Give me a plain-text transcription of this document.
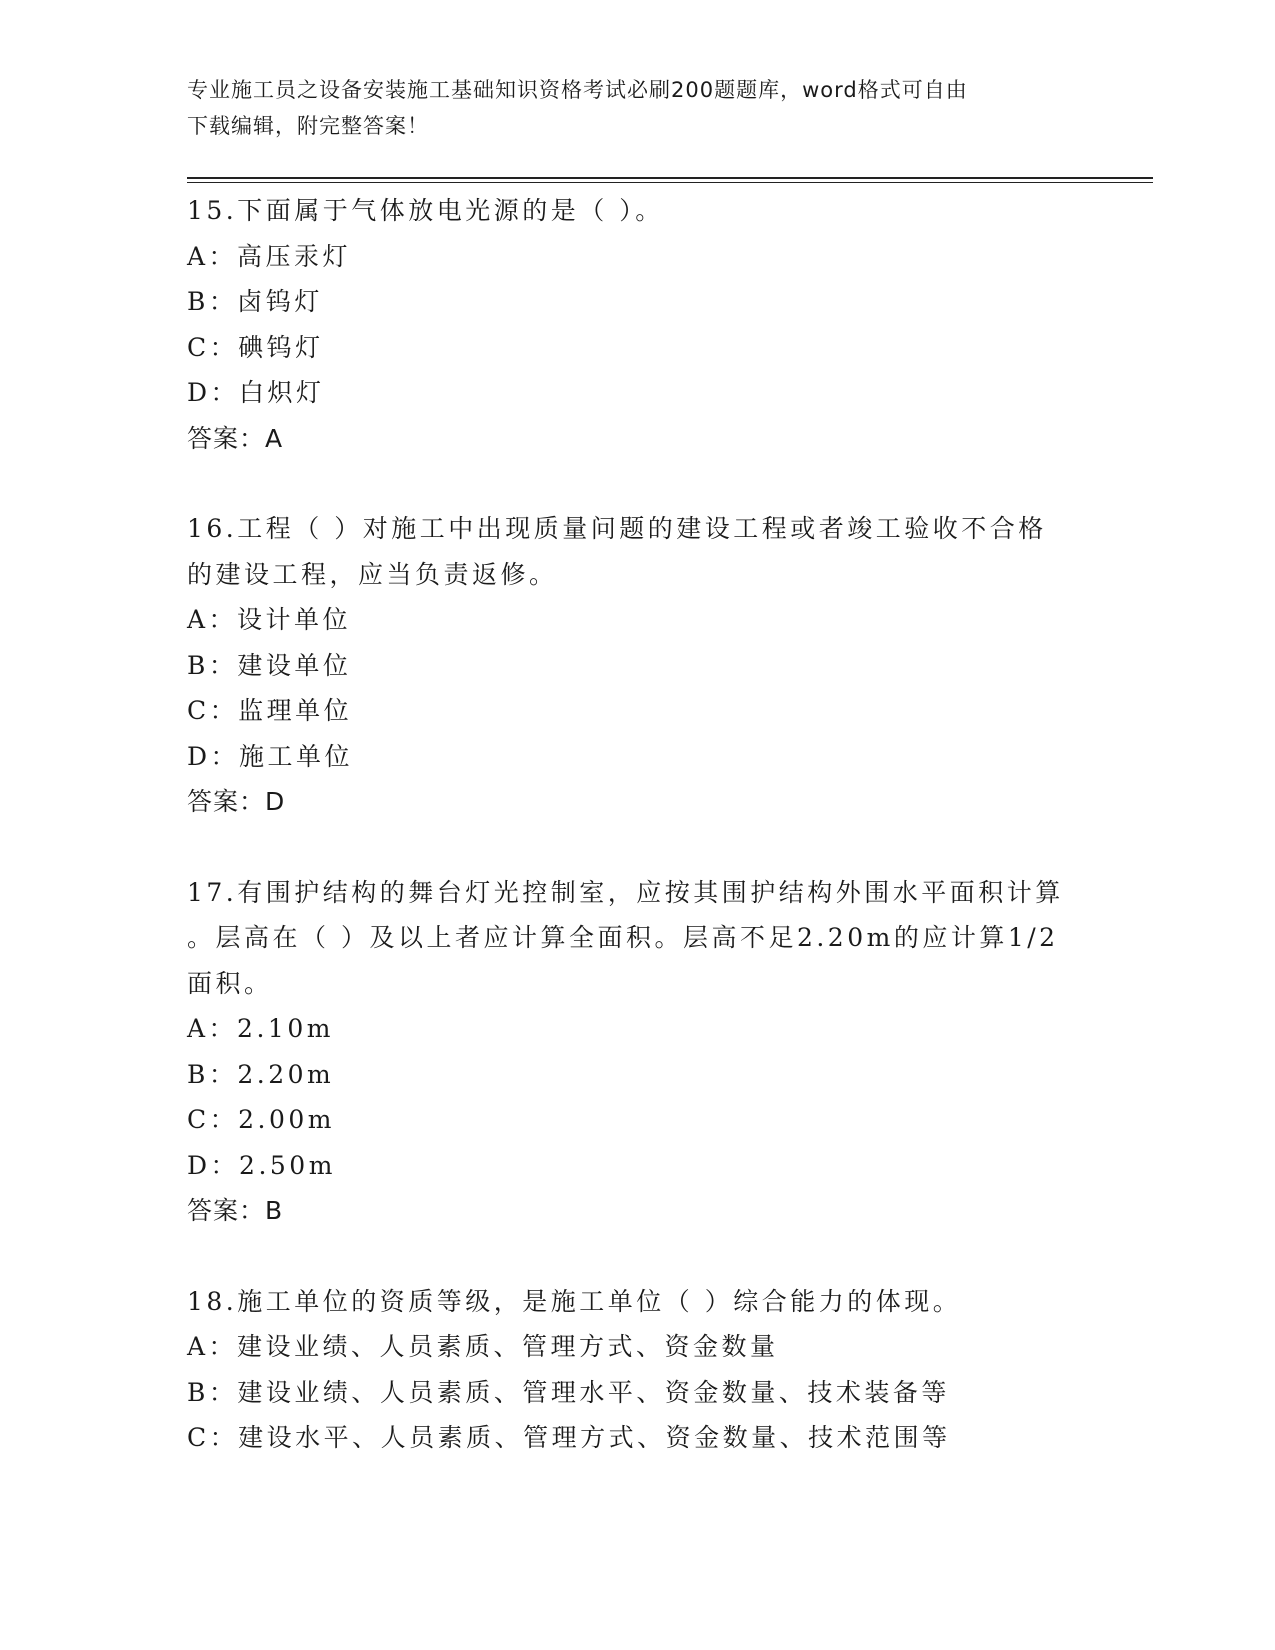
专业施工员之设备安装施工基础知识资格考试必刷200题题库，word格式可自由
下载编辑，附完整答案！

15.下面属于气体放电光源的是（ ）。

A：高压汞灯

B：卤钨灯

C：碘钨灯

D：白炽灯

答案：A

16.工程（ ）对施工中出现质量问题的建设工程或者竣工验收不合格

的建设工程，应当负责返修。

A：设计单位

B：建设单位

C：监理单位

D：施工单位

答案：D

17.有围护结构的舞台灯光控制室，应按其围护结构外围水平面积计算

。层高在（ ）及以上者应计算全面积。层高不足2.20m的应计算1/2

面积。

A：2.10m

B：2.20m

C：2.00m

D：2.50m

答案：B

18.施工单位的资质等级，是施工单位（ ）综合能力的体现。

A：建设业绩、人员素质、管理方式、资金数量

B：建设业绩、人员素质、管理水平、资金数量、技术装备等

C：建设水平、人员素质、管理方式、资金数量、技术范围等
